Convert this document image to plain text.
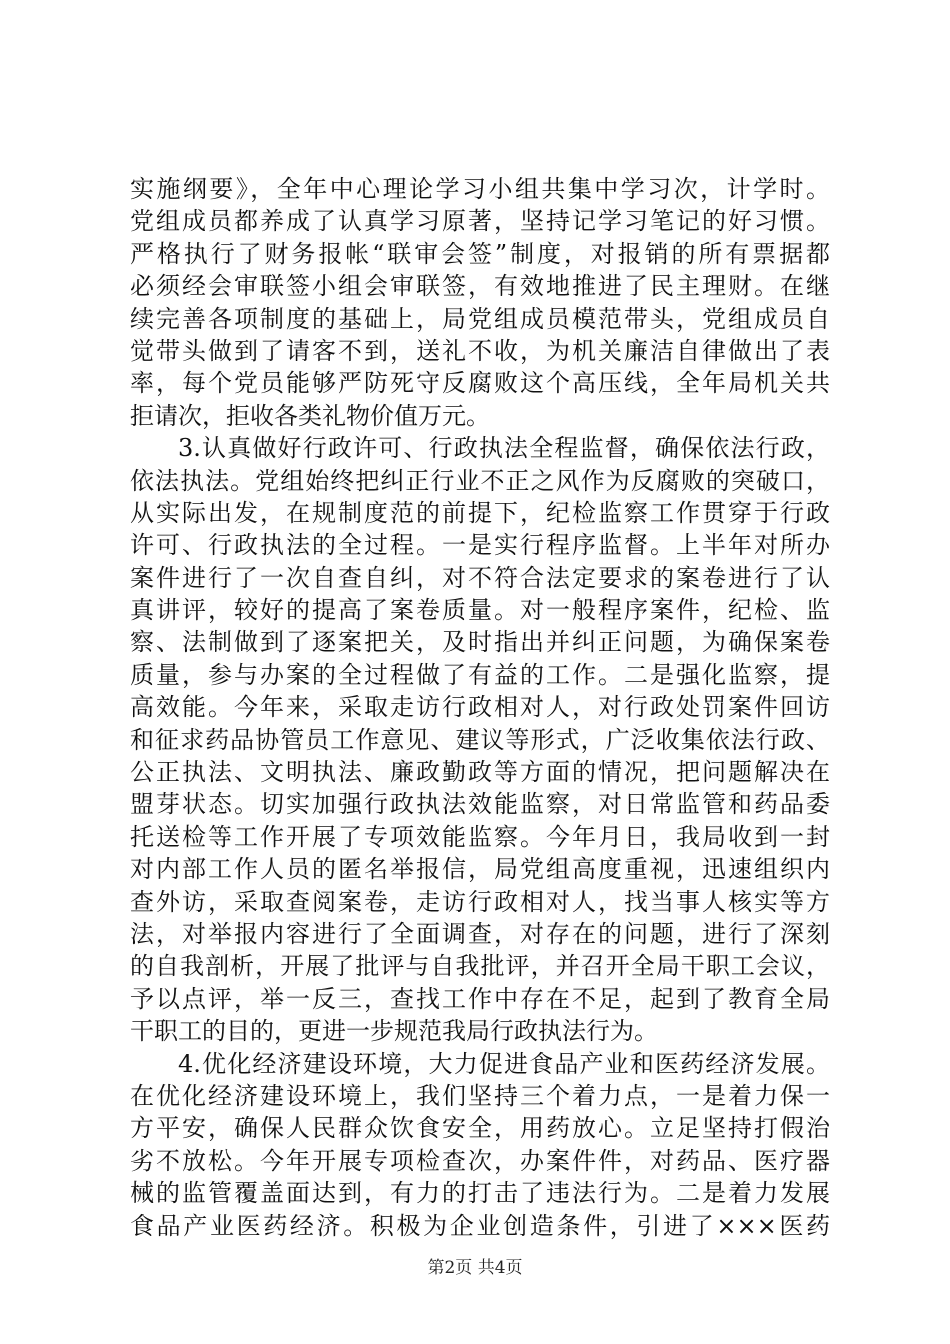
实施纲要》，全年中心理论学习小组共集中学习次，计学时。
党组成员都养成了认真学习原著，坚持记学习笔记的好习惯。
严格执行了财务报帐“联审会签”制度，对报销的所有票据都
必须经会审联签小组会审联签，有效地推进了民主理财。在继
续完善各项制度的基础上，局党组成员模范带头，党组成员自
觉带头做到了请客不到，送礼不收，为机关廉洁自律做出了表
率，每个党员能够严防死守反腐败这个高压线，全年局机关共
拒请次，拒收各类礼物价值万元。
3.认真做好行政许可、行政执法全程监督，确保依法行政，
依法执法。党组始终把纠正行业不正之风作为反腐败的突破口，
从实际出发，在规制度范的前提下，纪检监察工作贯穿于行政
许可、行政执法的全过程。一是实行程序监督。上半年对所办
案件进行了一次自查自纠，对不符合法定要求的案卷进行了认
真讲评，较好的提高了案卷质量。对一般程序案件，纪检、监
察、法制做到了逐案把关，及时指出并纠正问题，为确保案卷
质量，参与办案的全过程做了有益的工作。二是强化监察，提
高效能。今年来，采取走访行政相对人，对行政处罚案件回访
和征求药品协管员工作意见、建议等形式，广泛收集依法行政、
公正执法、文明执法、廉政勤政等方面的情况，把问题解决在
盟芽状态。切实加强行政执法效能监察，对日常监管和药品委
托送检等工作开展了专项效能监察。今年月日，我局收到一封
对内部工作人员的匿名举报信，局党组高度重视，迅速组织内
查外访，采取查阅案卷，走访行政相对人，找当事人核实等方
法，对举报内容进行了全面调查，对存在的问题，进行了深刻
的自我剖析，开展了批评与自我批评，并召开全局干职工会议，
予以点评，举一反三，查找工作中存在不足，起到了教育全局
干职工的目的，更进一步规范我局行政执法行为。
4.优化经济建设环境，大力促进食品产业和医药经济发展。
在优化经济建设环境上，我们坚持三个着力点，一是着力保一
方平安，确保人民群众饮食安全，用药放心。立足坚持打假治
劣不放松。今年开展专项检查次，办案件件，对药品、医疗器
械的监管覆盖面达到，有力的打击了违法行为。二是着力发展
食品产业医药经济。积极为企业创造条件，引进了×××医药
第2页 共4页
